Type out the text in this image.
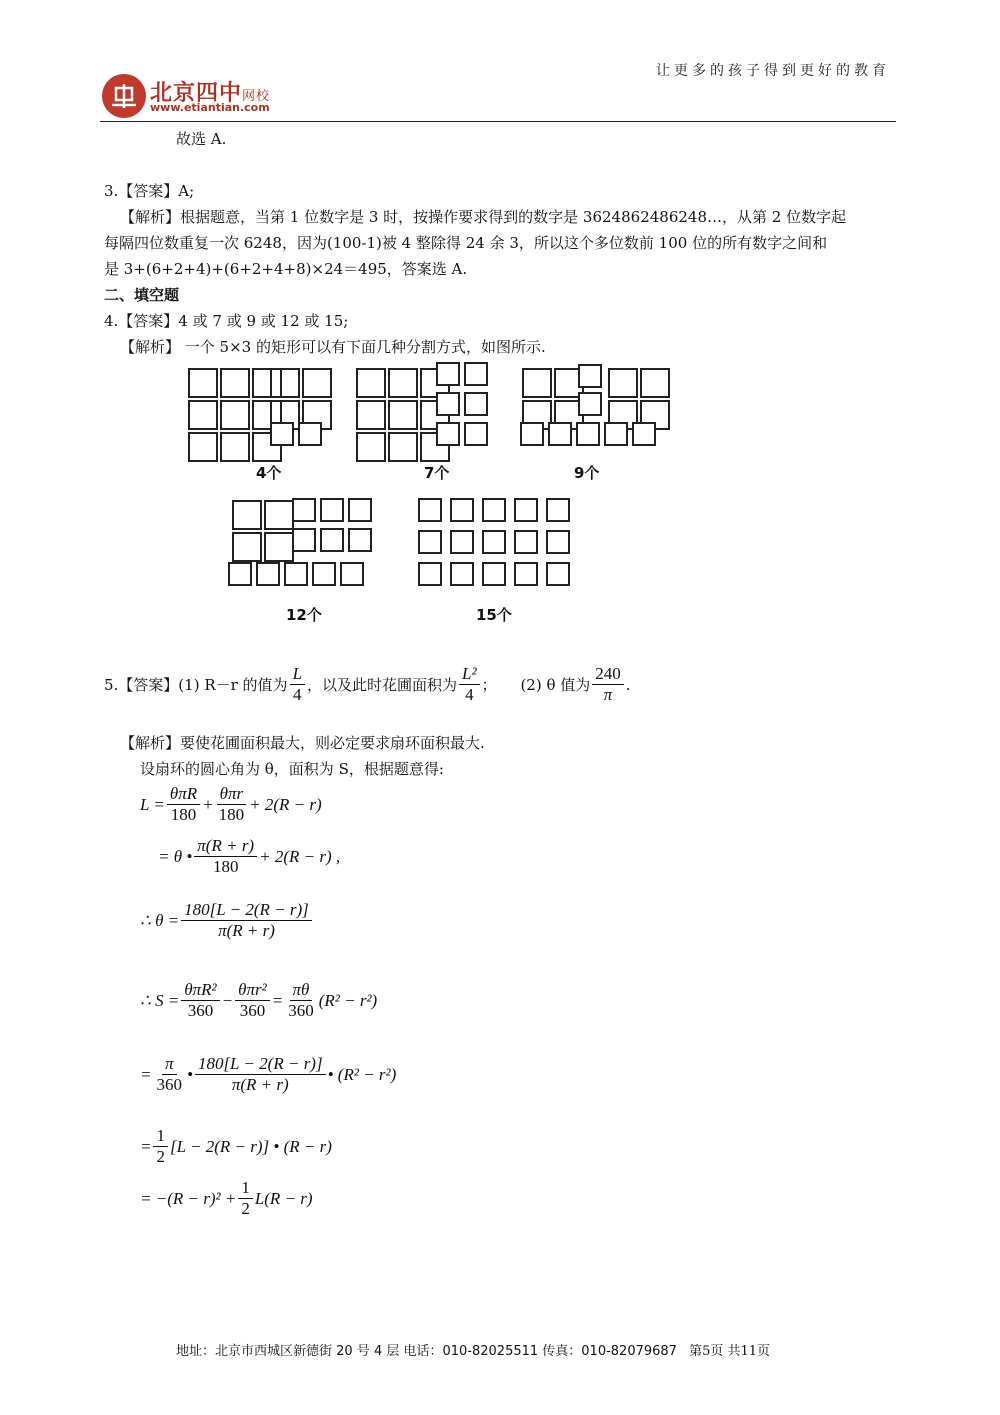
北京四中网校
www.etiantian.com
让更多的孩子得到更好的教育
故选 A.
3.【答案】A;
【解析】根据题意，当第 1 位数字是 3 时，按操作要求得到的数字是 3624862486248…，从第 2 位数字起
每隔四位数重复一次 6248，因为(100-1)被 4 整除得 24 余 3，所以这个多位数前 100 位的所有数字之间和
是 3+(6+2+4)+(6+2+4+8)×24＝495，答案选 A.
二、填空题
4.【答案】4 或 7 或 9 或 12 或 15;
【解析】 一个 5×3 的矩形可以有下面几种分割方式，如图所示.
4个	7个	9个
12个	15个
5.【答案】(1) R－r 的值为 $\frac{L}{4}$ ，以及此时花圃面积为 $\frac{\text{L²}}{4}$ ；     (2) θ 值为 $\frac{240}{\pi}$ .
【解析】要使花圃面积最大，则必定要求扇环面积最大.
设扇环的圆心角为 θ，面积为 S，根据题意得:
$L = \frac{\text{θπR}}{180} + \frac{\text{θπr}}{180} + 2(R - r)$
= θ • $\frac{\pi(R + r)}{180} + 2(R - r)$ ,
∴ $\theta = \frac{180[L - 2(R - r)]}{\pi(R + r)}$
∴ $S = \frac{\text{θπR²}}{360} - \frac{\text{θπr²}}{360} = \frac{\pi\theta}{360} (R^2 - r^2)$
= $\frac{\pi}{360}$ • $\frac{180[L - 2(R - r)]}{\pi(R + r)}$ • (R² − r²)
= $\frac{1}{2} [L - 2(R - r)]$ • (R − r)
= $-(R - r)^2 + \frac{1}{2} L(R - r)$
地址：北京市西城区新德街 20 号 4 层 电话：010-82025511 传真：010-82079687 第5页 共11页
